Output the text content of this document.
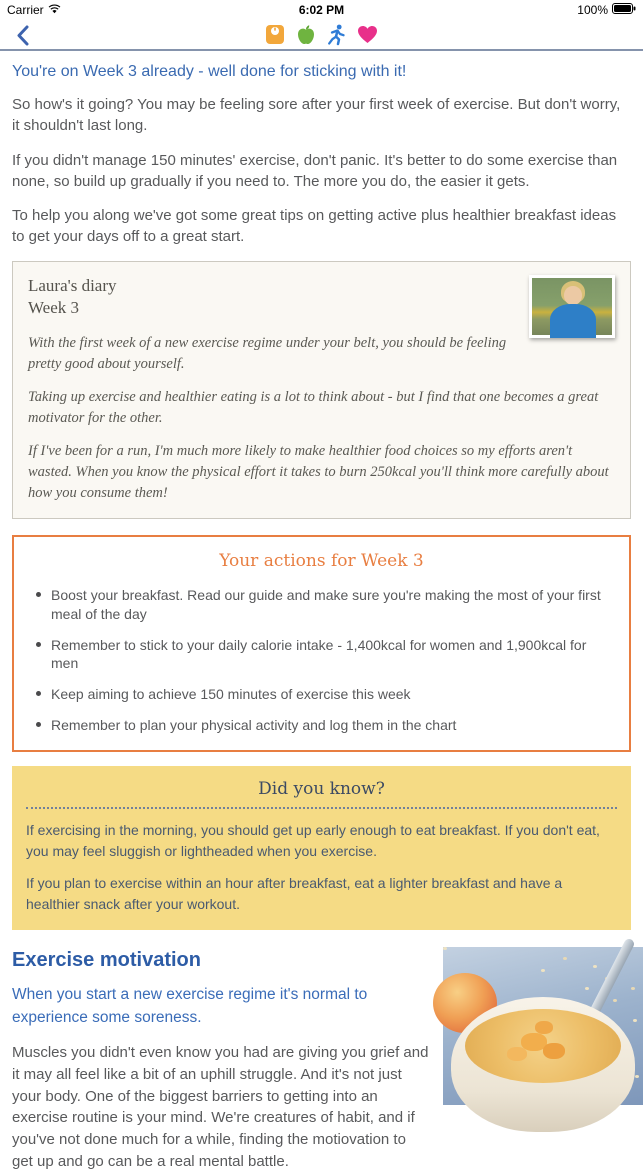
6:02 PM
Carrier	100%
You're on Week 3 already - well done for sticking with it!

So how's it going? You may be feeling sore after your first week of exercise. But don't worry, it shouldn't last long.

If you didn't manage 150 minutes' exercise, don't panic. It's better to do some exercise than none, so build up gradually if you need to. The more you do, the easier it gets.

To help you along we've got some great tips on getting active plus healthier breakfast ideas to get your days off to a great start.

Laura's diary
Week 3

With the first week of a new exercise regime under your belt, you should be feeling pretty good about yourself.

Taking up exercise and healthier eating is a lot to think about - but I find that one becomes a great motivator for the other.

If I've been for a run, I'm much more likely to make healthier food choices so my efforts aren't wasted. When you know the physical effort it takes to burn 250kcal you'll think more carefully about how you consume them!

Your actions for Week 3
Boost your breakfast. Read our guide and make sure you're making the most of your first meal of the day
Remember to stick to your daily calorie intake - 1,400kcal for women and 1,900kcal for men
Keep aiming to achieve 150 minutes of exercise this week
Remember to plan your physical activity and log them in the chart
Did you know?

If exercising in the morning, you should get up early enough to eat breakfast. If you don't eat, you may feel sluggish or lightheaded when you exercise.

If you plan to exercise within an hour after breakfast, eat a lighter breakfast and have a healthier snack after your workout.

Exercise motivation
When you start a new exercise regime it's normal to experience some soreness.

Muscles you didn't even know you had are giving you grief and it may all feel like a bit of an uphill struggle. And it's not just your body. One of the biggest barriers to getting into an exercise routine is your mind. We're creatures of habit, and if you've not done much for a while, finding the motiovation to get up and go can be a real mental battle.
